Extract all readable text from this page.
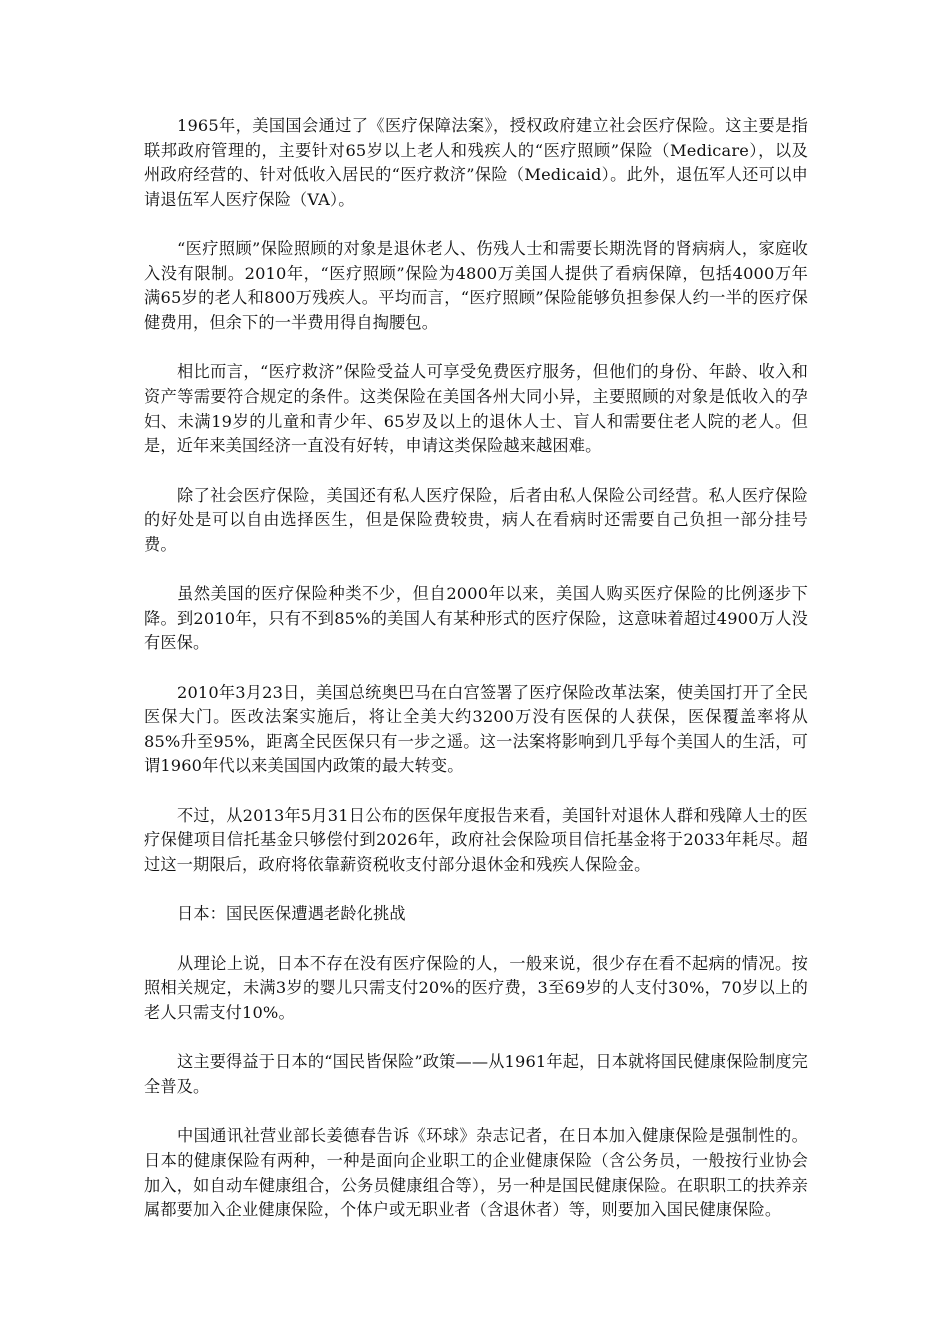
1965年，美国国会通过了《医疗保障法案》，授权政府建立社会医疗保险。这主要是指联邦政府管理的，主要针对65岁以上老人和残疾人的“医疗照顾”保险（Medicare），以及州政府经营的、针对低收入居民的“医疗救济”保险（Medicaid）。此外，退伍军人还可以申请退伍军人医疗保险（VA）。

“医疗照顾”保险照顾的对象是退休老人、伤残人士和需要长期洗肾的肾病病人，家庭收入没有限制。2010年，“医疗照顾”保险为4800万美国人提供了看病保障，包括4000万年满65岁的老人和800万残疾人。平均而言，“医疗照顾”保险能够负担参保人约一半的医疗保健费用，但余下的一半费用得自掏腰包。

相比而言，“医疗救济”保险受益人可享受免费医疗服务，但他们的身份、年龄、收入和资产等需要符合规定的条件。这类保险在美国各州大同小异，主要照顾的对象是低收入的孕妇、未满19岁的儿童和青少年、65岁及以上的退休人士、盲人和需要住老人院的老人。但是，近年来美国经济一直没有好转，申请这类保险越来越困难。

除了社会医疗保险，美国还有私人医疗保险，后者由私人保险公司经营。私人医疗保险的好处是可以自由选择医生，但是保险费较贵，病人在看病时还需要自己负担一部分挂号费。

虽然美国的医疗保险种类不少，但自2000年以来，美国人购买医疗保险的比例逐步下降。到2010年，只有不到85%的美国人有某种形式的医疗保险，这意味着超过4900万人没有医保。

2010年3月23日，美国总统奥巴马在白宫签署了医疗保险改革法案，使美国打开了全民医保大门。医改法案实施后，将让全美大约3200万没有医保的人获保，医保覆盖率将从85%升至95%，距离全民医保只有一步之遥。这一法案将影响到几乎每个美国人的生活，可谓1960年代以来美国国内政策的最大转变。

不过，从2013年5月31日公布的医保年度报告来看，美国针对退休人群和残障人士的医疗保健项目信托基金只够偿付到2026年，政府社会保险项目信托基金将于2033年耗尽。超过这一期限后，政府将依靠薪资税收支付部分退休金和残疾人保险金。

日本：国民医保遭遇老龄化挑战

从理论上说，日本不存在没有医疗保险的人，一般来说，很少存在看不起病的情况。按照相关规定，未满3岁的婴儿只需支付20%的医疗费，3至69岁的人支付30%，70岁以上的老人只需支付10%。

这主要得益于日本的“国民皆保险”政策——从1961年起，日本就将国民健康保险制度完全普及。

中国通讯社营业部长姜德春告诉《环球》杂志记者，在日本加入健康保险是强制性的。日本的健康保险有两种，一种是面向企业职工的企业健康保险（含公务员，一般按行业协会加入，如自动车健康组合，公务员健康组合等），另一种是国民健康保险。在职职工的扶养亲属都要加入企业健康保险，个体户或无职业者（含退休者）等，则要加入国民健康保险。
